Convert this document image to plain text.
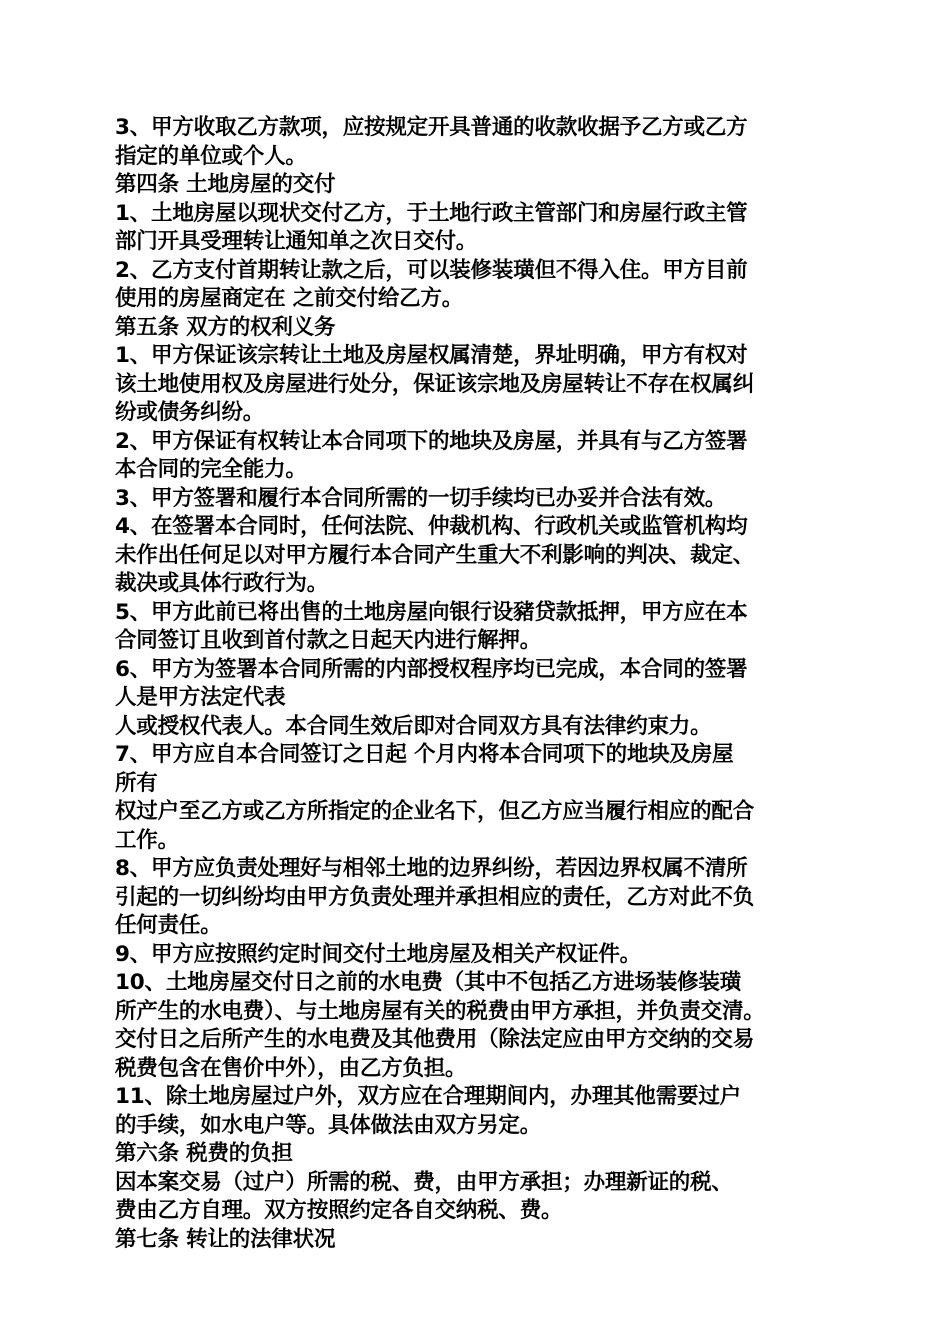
3、甲方收取乙方款项，应按规定开具普通的收款收据予乙方或乙方
指定的单位或个人。
第四条 土地房屋的交付
1、土地房屋以现状交付乙方，于土地行政主管部门和房屋行政主管
部门开具受理转让通知单之次日交付。
2、乙方支付首期转让款之后，可以装修装璜但不得入住。甲方目前
使用的房屋商定在 之前交付给乙方。
第五条 双方的权利义务
1、甲方保证该宗转让土地及房屋权属清楚，界址明确，甲方有权对
该土地使用权及房屋进行处分，保证该宗地及房屋转让不存在权属纠
纷或债务纠纷。
2、甲方保证有权转让本合同项下的地块及房屋，并具有与乙方签署
本合同的完全能力。
3、甲方签署和履行本合同所需的一切手续均已办妥并合法有效。
4、在签署本合同时，任何法院、仲裁机构、行政机关或监管机构均
未作出任何足以对甲方履行本合同产生重大不利影响的判决、裁定、
裁决或具体行政行为。
5、甲方此前已将出售的土地房屋向银行设豬贷款抵押，甲方应在本
合同签订且收到首付款之日起天内进行解押。
6、甲方为签署本合同所需的内部授权程序均已完成，本合同的签署
人是甲方法定代表
人或授权代表人。本合同生效后即对合同双方具有法律约束力。
7、甲方应自本合同签订之日起 个月内将本合同项下的地块及房屋
所有
权过户至乙方或乙方所指定的企业名下，但乙方应当履行相应的配合
工作。
8、甲方应负责处理好与相邻土地的边界纠纷，若因边界权属不清所
引起的一切纠纷均由甲方负责处理并承担相应的责任，乙方对此不负
任何责任。
9、甲方应按照约定时间交付土地房屋及相关产权证件。
10、土地房屋交付日之前的水电费（其中不包括乙方进场装修装璜
所产生的水电费）、与土地房屋有关的税费由甲方承担，并负责交清。
交付日之后所产生的水电费及其他费用（除法定应由甲方交纳的交易
税费包含在售价中外），由乙方负担。
11、除土地房屋过户外，双方应在合理期间内，办理其他需要过户
的手续，如水电户等。具体做法由双方另定。
第六条 税费的负担
因本案交易（过户）所需的税、费，由甲方承担；办理新证的税、
费由乙方自理。双方按照约定各自交纳税、费。
第七条 转让的法律状况
